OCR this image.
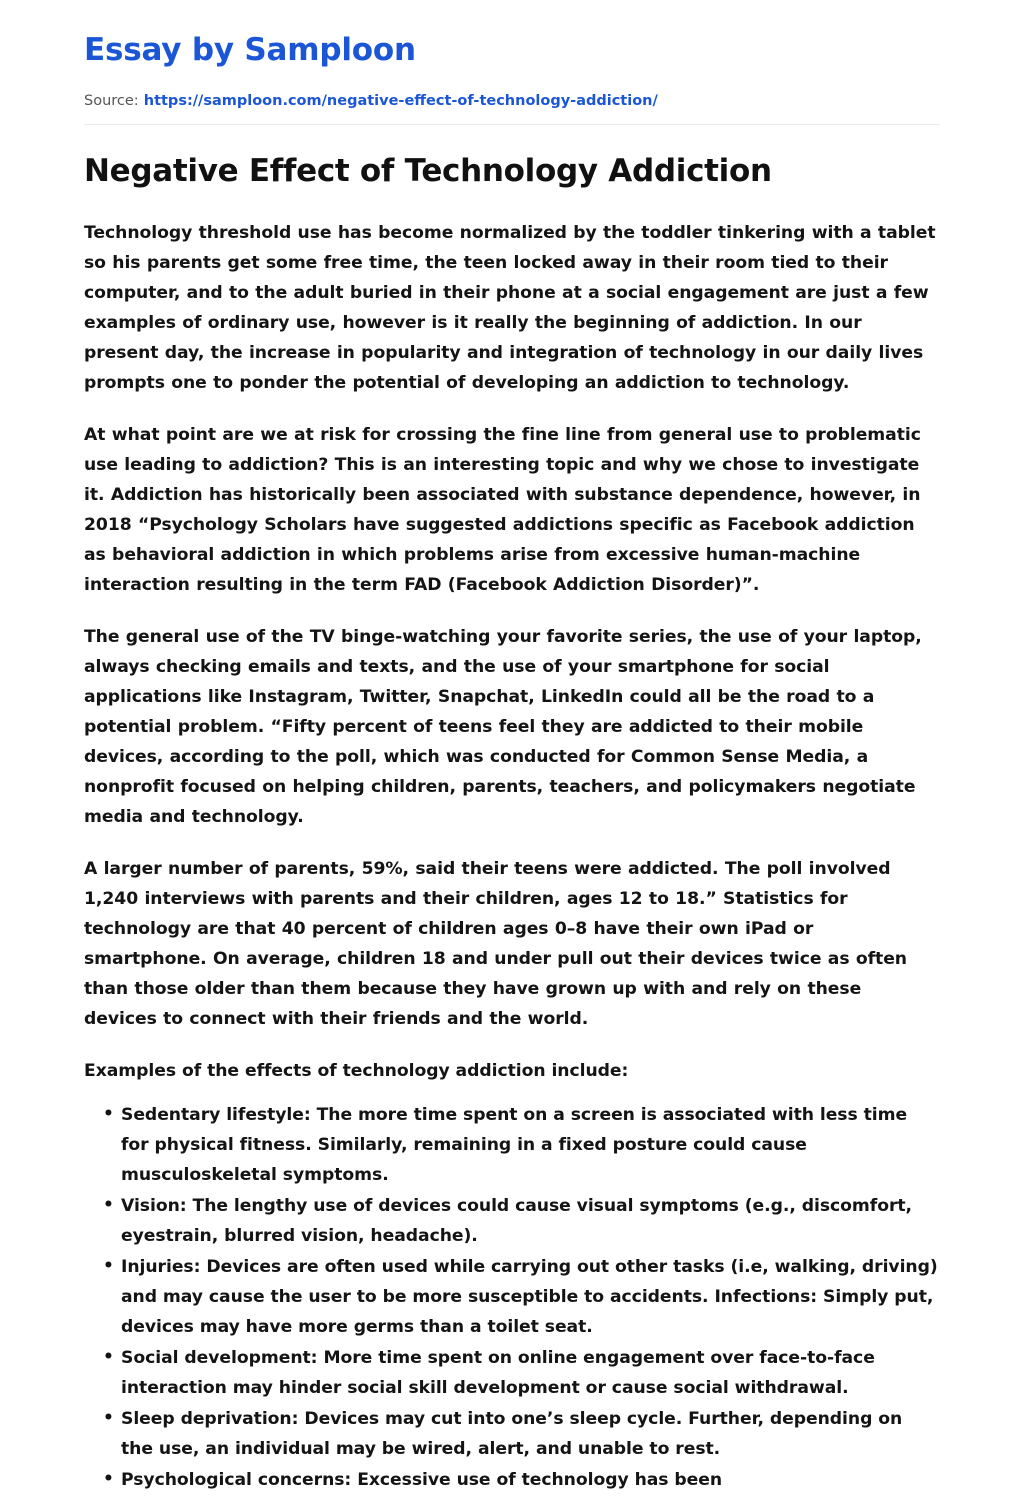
Essay by Samploon
Source: https://samploon.com/negative-effect-of-technology-addiction/
Negative Effect of Technology Addiction

Technology threshold use has become normalized by the toddler tinkering with a tablet so his parents get some free time, the teen locked away in their room tied to their computer, and to the adult buried in their phone at a social engagement are just a few examples of ordinary use, however is it really the beginning of addiction. In our present day, the increase in popularity and integration of technology in our daily lives prompts one to ponder the potential of developing an addiction to technology.

At what point are we at risk for crossing the fine line from general use to problematic use leading to addiction? This is an interesting topic and why we chose to investigate it. Addiction has historically been associated with substance dependence, however, in 2018 “Psychology Scholars have suggested addictions specific as Facebook addiction as behavioral addiction in which problems arise from excessive human-machine interaction resulting in the term FAD (Facebook Addiction Disorder)”.

The general use of the TV binge-watching your favorite series, the use of your laptop, always checking emails and texts, and the use of your smartphone for social applications like Instagram, Twitter, Snapchat, LinkedIn could all be the road to a potential problem. “Fifty percent of teens feel they are addicted to their mobile devices, according to the poll, which was conducted for Common Sense Media, a nonprofit focused on helping children, parents, teachers, and policymakers negotiate media and technology.

A larger number of parents, 59%, said their teens were addicted. The poll involved 1,240 interviews with parents and their children, ages 12 to 18.” Statistics for technology are that 40 percent of children ages 0–8 have their own iPad or smartphone. On average, children 18 and under pull out their devices twice as often than those older than them because they have grown up with and rely on these devices to connect with their friends and the world.

Examples of the effects of technology addiction include:

• Sedentary lifestyle: The more time spent on a screen is associated with less time for physical fitness. Similarly, remaining in a fixed posture could cause musculoskeletal symptoms.
• Vision: The lengthy use of devices could cause visual symptoms (e.g., discomfort, eyestrain, blurred vision, headache).
• Injuries: Devices are often used while carrying out other tasks (i.e, walking, driving) and may cause the user to be more susceptible to accidents. Infections: Simply put, devices may have more germs than a toilet seat.
• Social development: More time spent on online engagement over face-to-face interaction may hinder social skill development or cause social withdrawal.
• Sleep deprivation: Devices may cut into one’s sleep cycle. Further, depending on the use, an individual may be wired, alert, and unable to rest.
• Psychological concerns: Excessive use of technology has been
